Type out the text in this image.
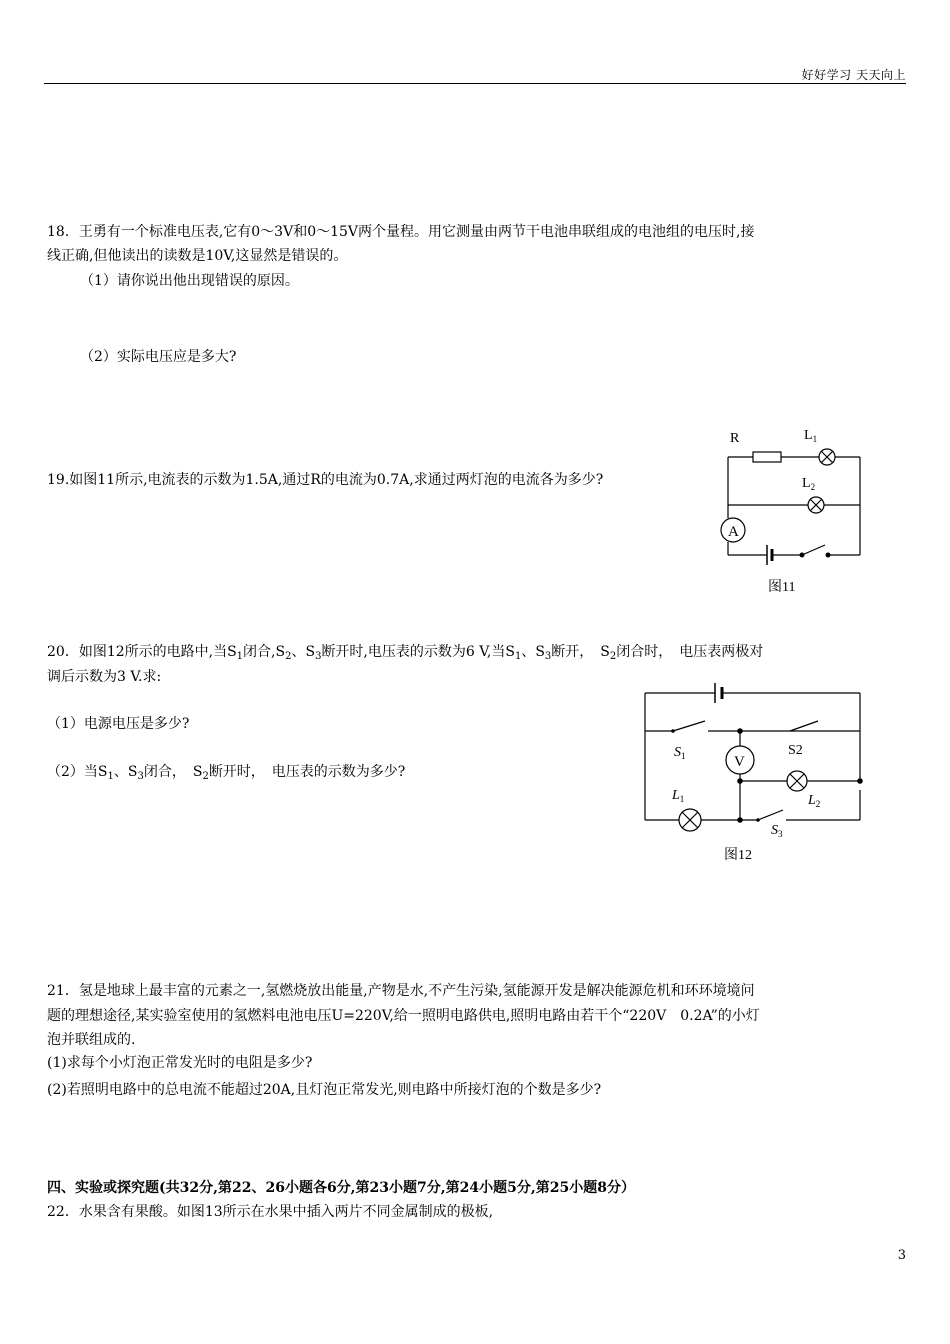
好好学习 天天向上
18．王勇有一个标准电压表,它有0～3V和0～15V两个量程。用它测量由两节干电池串联组成的电池组的电压时,接
线正确,但他读出的读数是10V,这显然是错误的。
（1）请你说出他出现错误的原因。
（2）实际电压应是多大?
19.如图11所示,电流表的示数为1.5A,通过R的电流为0.7A,求通过两灯泡的电流各为多少?
R	$L_1$
$L_2$
A
图11
20．如图12所示的电路中,当$S_1$闭合$,S_2$、$S_3$断开时,电压表的示数为6 V,当$S_1$、$S_3$断开，　$S_2$闭合时，　电压表两极对
调后示数为3 V.求:
（1）电源电压是多少?
（2）当$S_1$、$S_3$闭合，　$S_2$断开时，　电压表的示数为多少?
$S_1$	S2
V
$L_1$	$L_2$
$S_3$
图12
21．氢是地球上最丰富的元素之一,氢燃烧放出能量,产物是水,不产生污染,氢能源开发是解决能源危机和环环境境问
题的理想途径,某实验室使用的氢燃料电池电压U=220V,给一照明电路供电,照明电路由若干个“220V　0.2A”的小灯
泡并联组成的.
(1)求每个小灯泡正常发光时的电阻是多少?
(2)若照明电路中的总电流不能超过20A,且灯泡正常发光,则电路中所接灯泡的个数是多少?
四、实验或探究题(共32分,第22、26小题各6分,第23小题7分,第24小题5分,第25小题8分）
22．水果含有果酸。如图13所示在水果中插入两片不同金属制成的极板,
3
